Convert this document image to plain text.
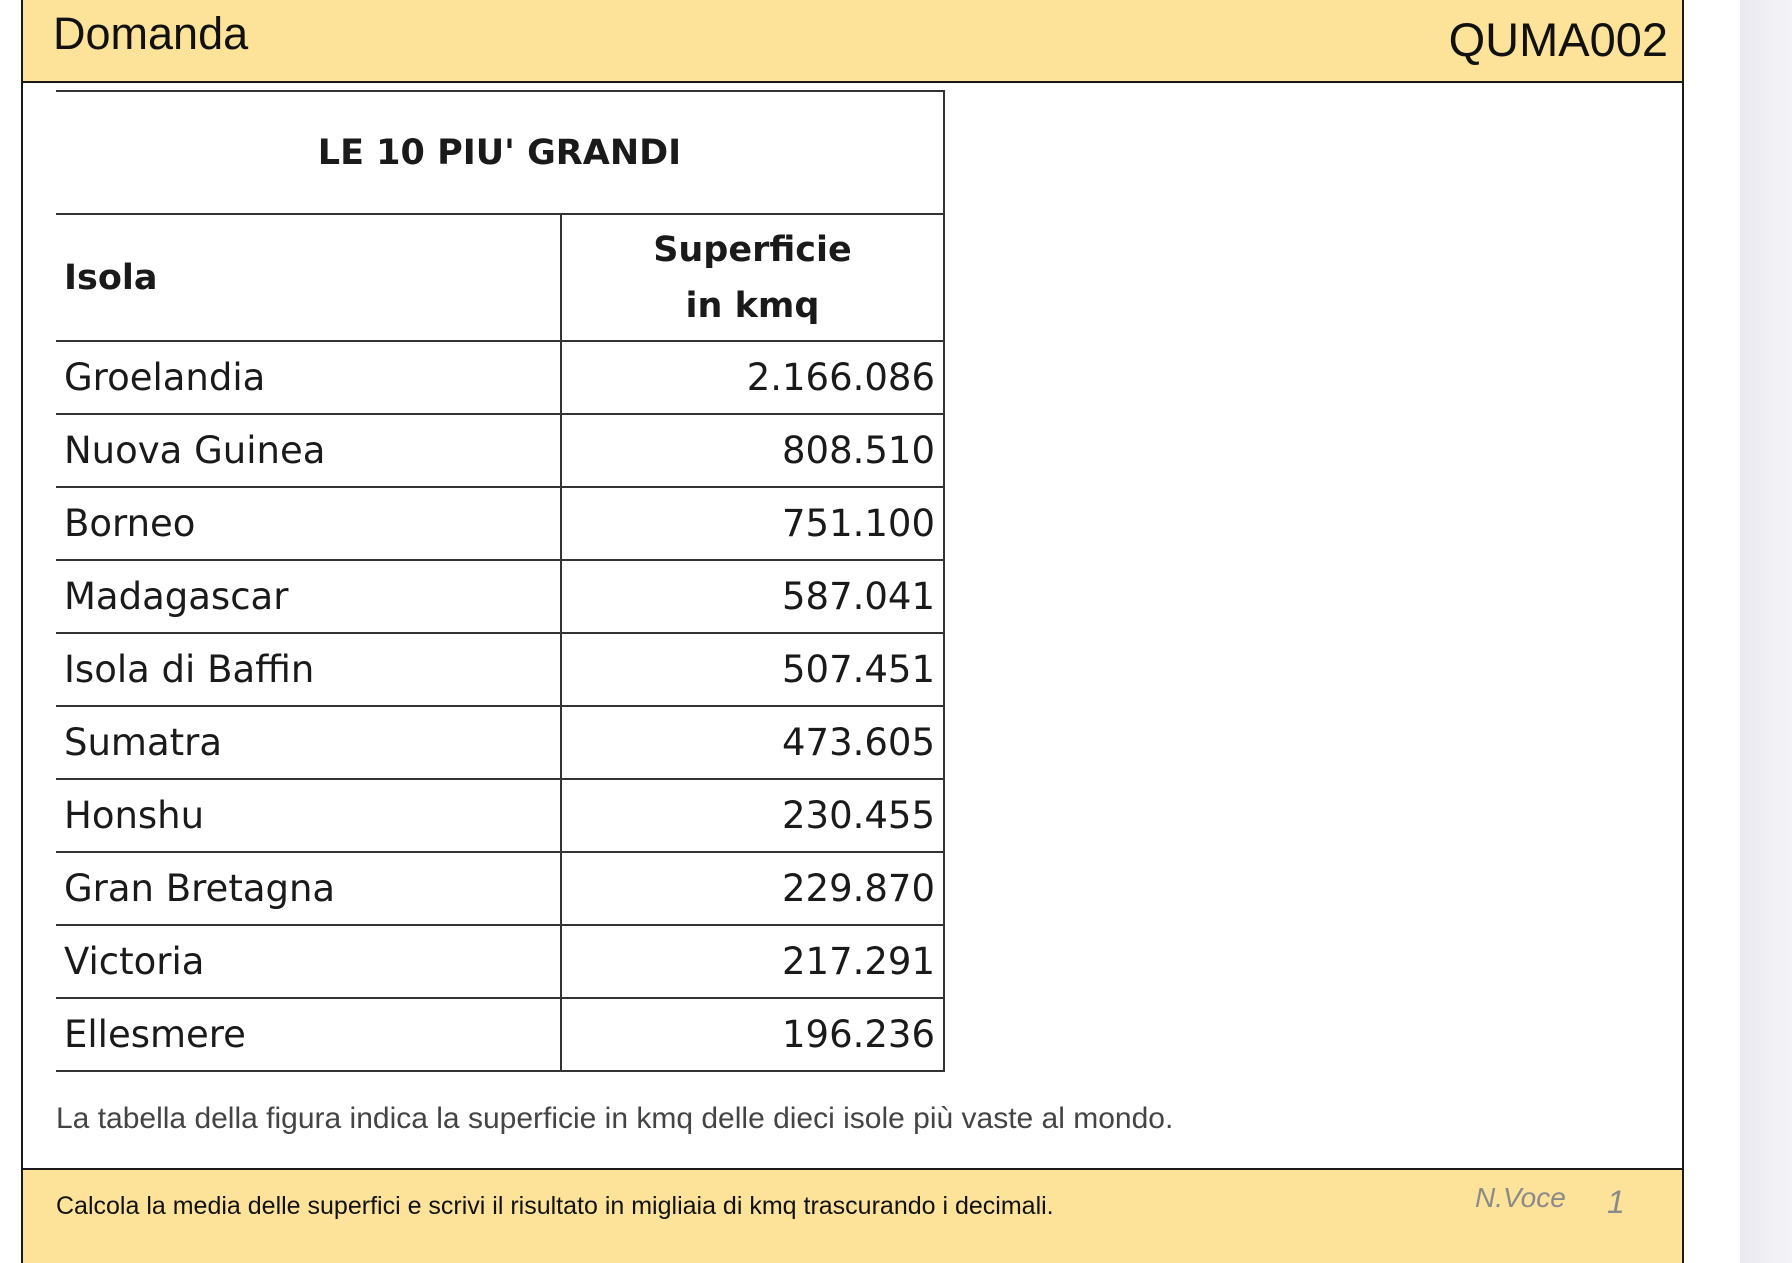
Domanda	QUMA002
LE 10 PIU' GRANDI	
Isola	Superficie
in kmq
Groelandia	2.166.086
Nuova Guinea	808.510
Borneo	751.100
Madagascar	587.041
Isola di Baffin	507.451
Sumatra	473.605
Honshu	230.455
Gran Bretagna	229.870
Victoria	217.291
Ellesmere	196.236
La tabella della figura indica la superficie in kmq delle dieci isole più vaste al mondo.
Calcola la media delle superfici e scrivi il risultato in migliaia di kmq trascurando i decimali.	N.Voce 1
